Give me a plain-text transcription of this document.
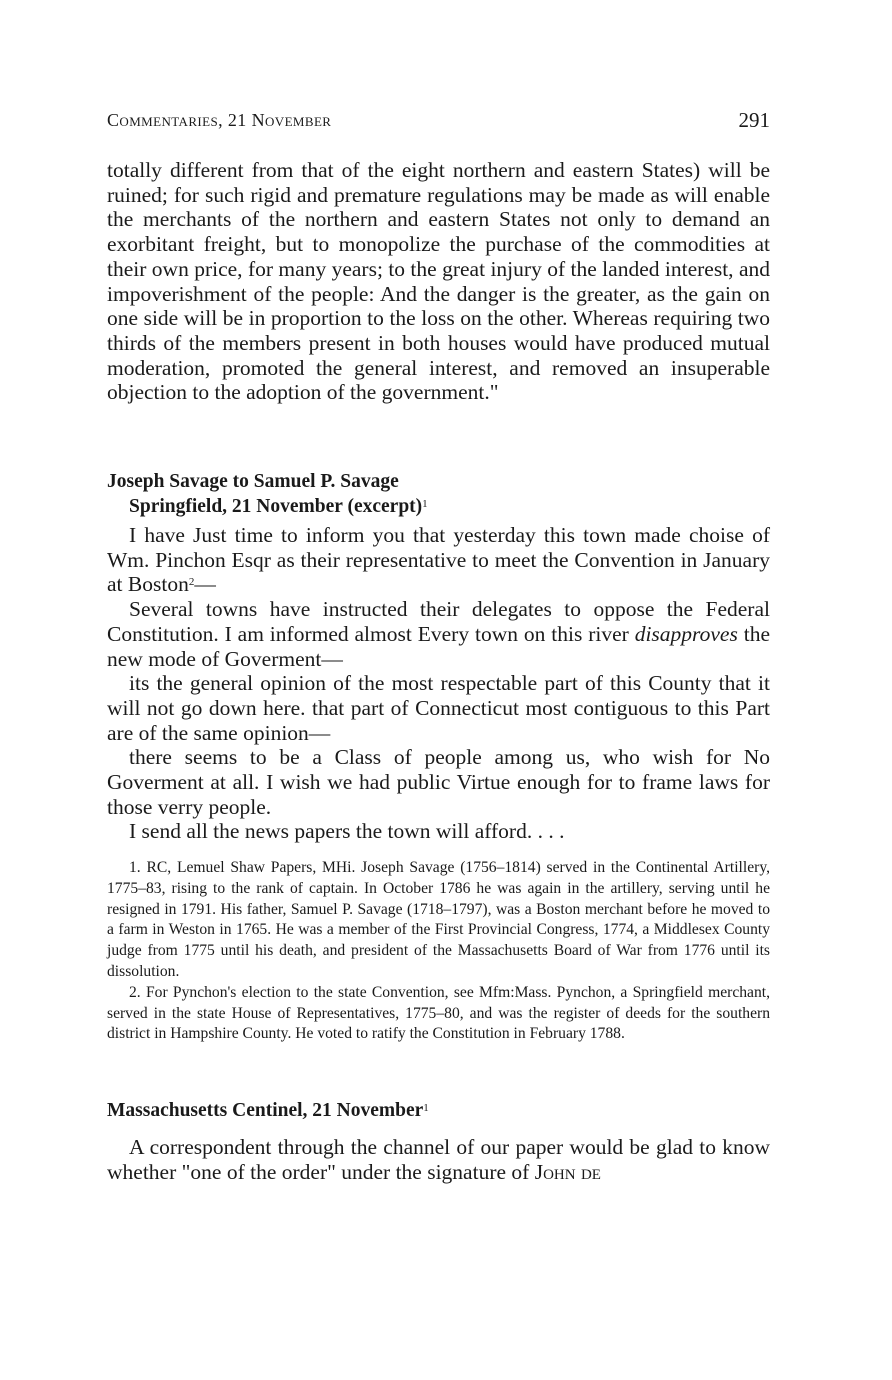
Commentaries, 21 November	291

totally different from that of the eight northern and eastern States) will be ruined; for such rigid and premature regulations may be made as will enable the merchants of the northern and eastern States not only to demand an exorbitant freight, but to monopolize the purchase of the commodities at their own price, for many years; to the great injury of the landed interest, and impoverishment of the people: And the danger is the greater, as the gain on one side will be in proportion to the loss on the other. Whereas requiring two thirds of the members present in both houses would have produced mutual moderation, promoted the general interest, and removed an insuperable objection to the adoption of the government."

Joseph Savage to Samuel P. Savage

Springfield, 21 November (excerpt)$^1$

I have Just time to inform you that yesterday this town made choise of Wm. Pinchon Esqr as their representative to meet the Convention in January at Boston$^2$—

Several towns have instructed their delegates to oppose the Federal Constitution. I am informed almost Every town on this river disapproves the new mode of Goverment—

its the general opinion of the most respectable part of this County that it will not go down here. that part of Connecticut most contiguous to this Part are of the same opinion—

there seems to be a Class of people among us, who wish for No Goverment at all. I wish we had public Virtue enough for to frame laws for those verry people.

I send all the news papers the town will afford. . . .

1. RC, Lemuel Shaw Papers, MHi. Joseph Savage (1756–1814) served in the Continental Artillery, 1775–83, rising to the rank of captain. In October 1786 he was again in the artillery, serving until he resigned in 1791. His father, Samuel P. Savage (1718–1797), was a Boston merchant before he moved to a farm in Weston in 1765. He was a member of the First Provincial Congress, 1774, a Middlesex County judge from 1775 until his death, and president of the Massachusetts Board of War from 1776 until its dissolution.

2. For Pynchon's election to the state Convention, see Mfm:Mass. Pynchon, a Springfield merchant, served in the state House of Representatives, 1775–80, and was the register of deeds for the southern district in Hampshire County. He voted to ratify the Constitution in February 1788.

Massachusetts Centinel, 21 November$^1$

A correspondent through the channel of our paper would be glad to know whether "one of the order" under the signature of John de
